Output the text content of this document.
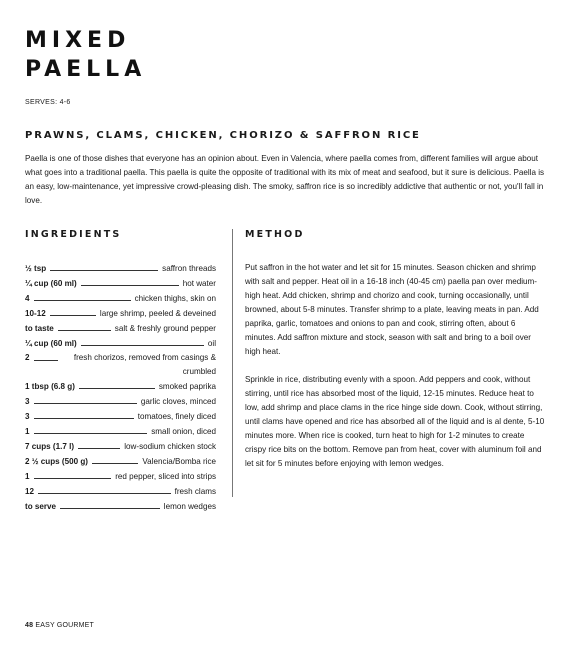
MIXED
PAELLA
SERVES: 4-6
PRAWNS, CLAMS, CHICKEN, CHORIZO & SAFFRON RICE
Paella is one of those dishes that everyone has an opinion about. Even in Valencia, where paella comes from, different families will argue about what goes into a traditional paella. This paella is quite the opposite of traditional with its mix of meat and seafood, but it sure is delicious. Paella is an easy, low-maintenance, yet impressive crowd-pleasing dish. The smoky, saffron rice is so incredibly addictive that authentic or not, you'll fall in love.
INGREDIENTS	METHOD
½ tsp	saffron threads
¼ cup (60 ml)	hot water
4	chicken thighs, skin on
10-12	large shrimp, peeled & deveined
to taste	salt & freshly ground pepper
¼ cup (60 ml)	oil
2	fresh chorizos, removed from casings & crumbled
1 tbsp (6.8 g)	smoked paprika
3	garlic cloves, minced
3	tomatoes, finely diced
1	small onion, diced
7 cups (1.7 l)	low-sodium chicken stock
2 ½ cups (500 g)	Valencia/Bomba rice
1	red pepper, sliced into strips
12	fresh clams
to serve	lemon wedges

Put saffron in the hot water and let sit for 15 minutes. Season chicken and shrimp with salt and pepper. Heat oil in a 16-18 inch (40-45 cm) paella pan over medium-high heat. Add chicken, shrimp and chorizo and cook, turning occasionally, until browned, about 5-8 minutes. Transfer shrimp to a plate, leaving meats in pan. Add paprika, garlic, tomatoes and onions to pan and cook, stirring often, about 6 minutes. Add saffron mixture and stock, season with salt and bring to a boil over high heat.

Sprinkle in rice, distributing evenly with a spoon. Add peppers and cook, without stirring, until rice has absorbed most of the liquid, 12-15 minutes. Reduce heat to low, add shrimp and place clams in the rice hinge side down. Cook, without stirring, until clams have opened and rice has absorbed all of the liquid and is al dente, 5-10 minutes more. When rice is cooked, turn heat to high for 1-2 minutes to create crispy rice bits on the bottom. Remove pan from heat, cover with aluminum foil and let sit for 5 minutes before enjoying with lemon wedges.

48 EASY GOURMET
